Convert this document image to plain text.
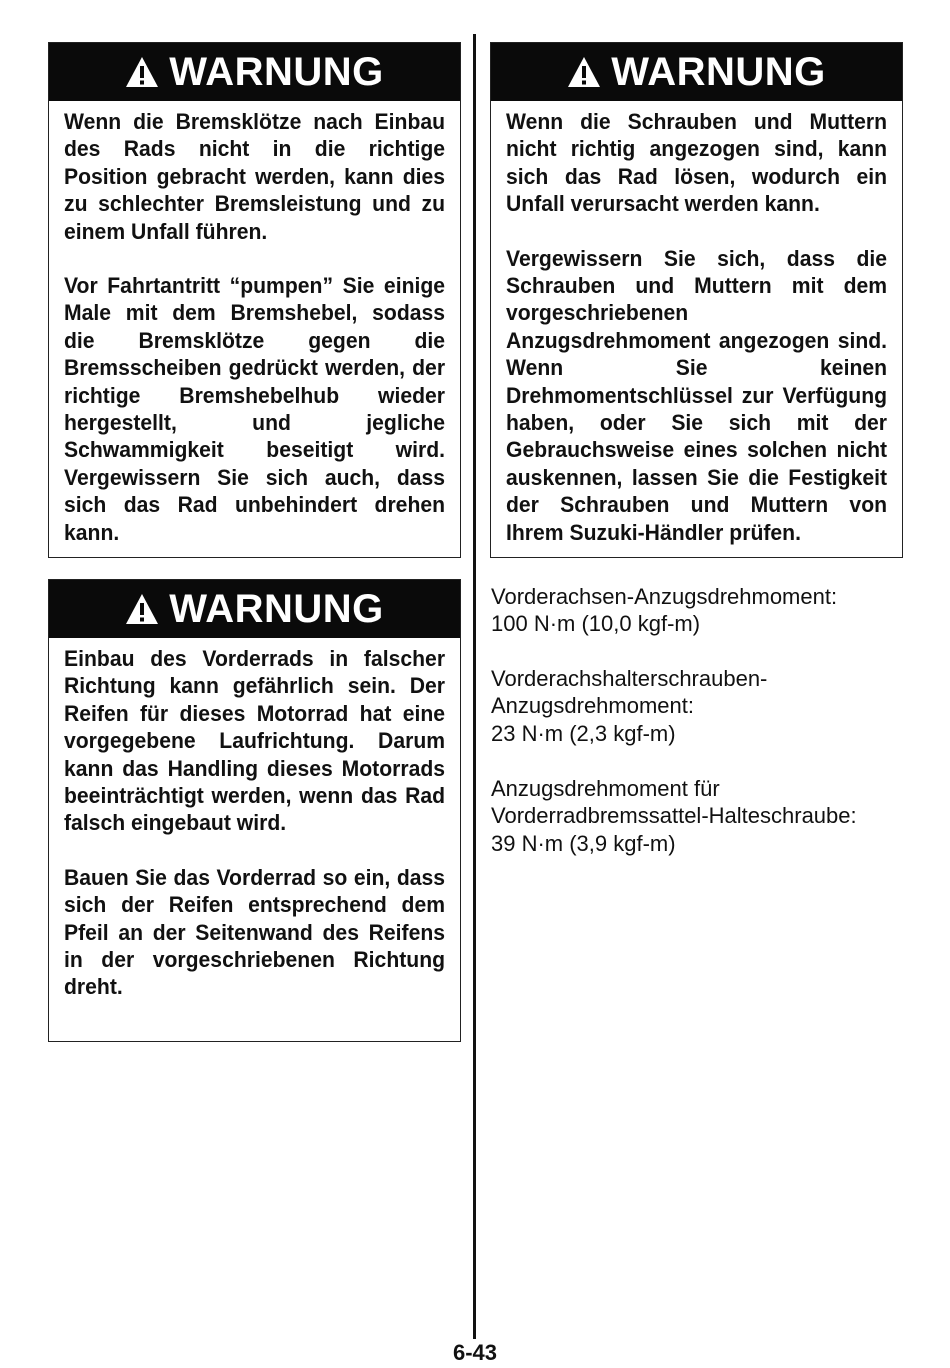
WARNUNG

Wenn die Bremsklötze nach Einbau des Rads nicht in die richtige Position gebracht werden, kann dies zu schlechter Bremsleistung und zu einem Unfall führen.

Vor Fahrtantritt “pumpen” Sie einige Male mit dem Bremshebel, sodass die Bremsklötze gegen die Bremsscheiben gedrückt werden, der richtige Bremshebelhub wieder hergestellt, und jegliche Schwammigkeit beseitigt wird. Vergewissern Sie sich auch, dass sich das Rad unbehindert drehen kann.

WARNUNG

Einbau des Vorderrads in falscher Richtung kann gefährlich sein. Der Reifen für dieses Motorrad hat eine vorgegebene Laufrichtung. Darum kann das Handling dieses Motorrads beeinträchtigt werden, wenn das Rad falsch eingebaut wird.

Bauen Sie das Vorderrad so ein, dass sich der Reifen entsprechend dem Pfeil an der Seitenwand des Reifens in der vorgeschriebenen Richtung dreht.

WARNUNG

Wenn die Schrauben und Muttern nicht richtig angezogen sind, kann sich das Rad lösen, wodurch ein Unfall verursacht werden kann.

Vergewissern Sie sich, dass die Schrauben und Muttern mit dem vorgeschriebenen Anzugsdrehmoment angezogen sind. Wenn Sie keinen Drehmomentschlüssel zur Verfügung haben, oder Sie sich mit der Gebrauchsweise eines solchen nicht auskennen, lassen Sie die Festigkeit der Schrauben und Muttern von Ihrem Suzuki-Händler prüfen.

Vorderachsen-Anzugsdrehmoment:
100 N·m (10,0 kgf-m)
Vorderachshalterschrauben-
Anzugsdrehmoment:
23 N·m (2,3 kgf-m)
Anzugsdrehmoment für
Vorderradbremssattel-Halteschraube:
39 N·m (3,9 kgf-m)
6-43
